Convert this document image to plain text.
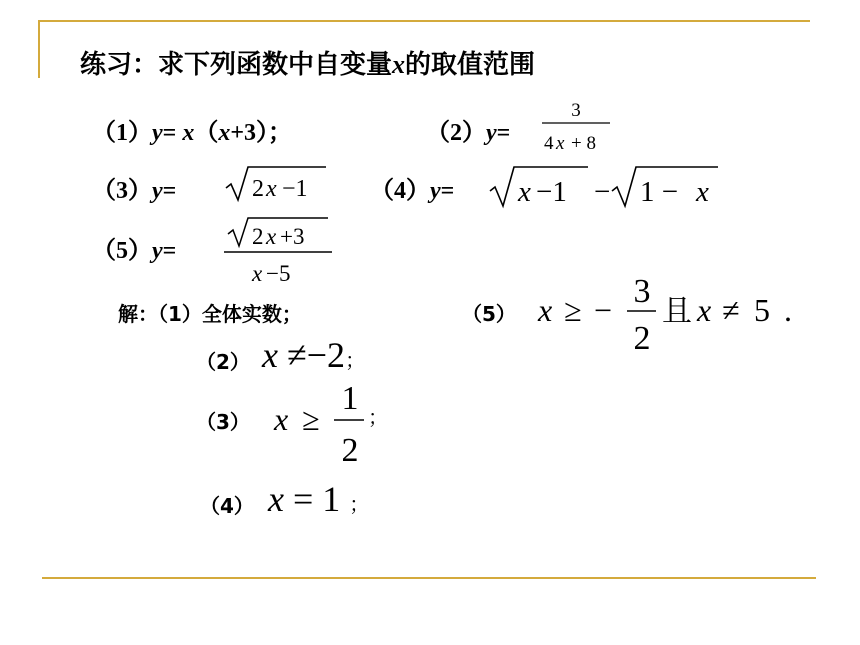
练习：求下列函数中自变量x的取值范围
（1）y= x（x+3）；	（2）y=
3
4 x + 8
（3）y=	2 x −1	（4）y= x −1 − 1 − x
（5）y=
2 x +3
x −5
解：（1）全体实数；	（5） x ≥ − 3
2
且 x ≠ 5 .
（2） x ≠−2；
（3） x ≥
1
2
；
（4） x = 1 ；
